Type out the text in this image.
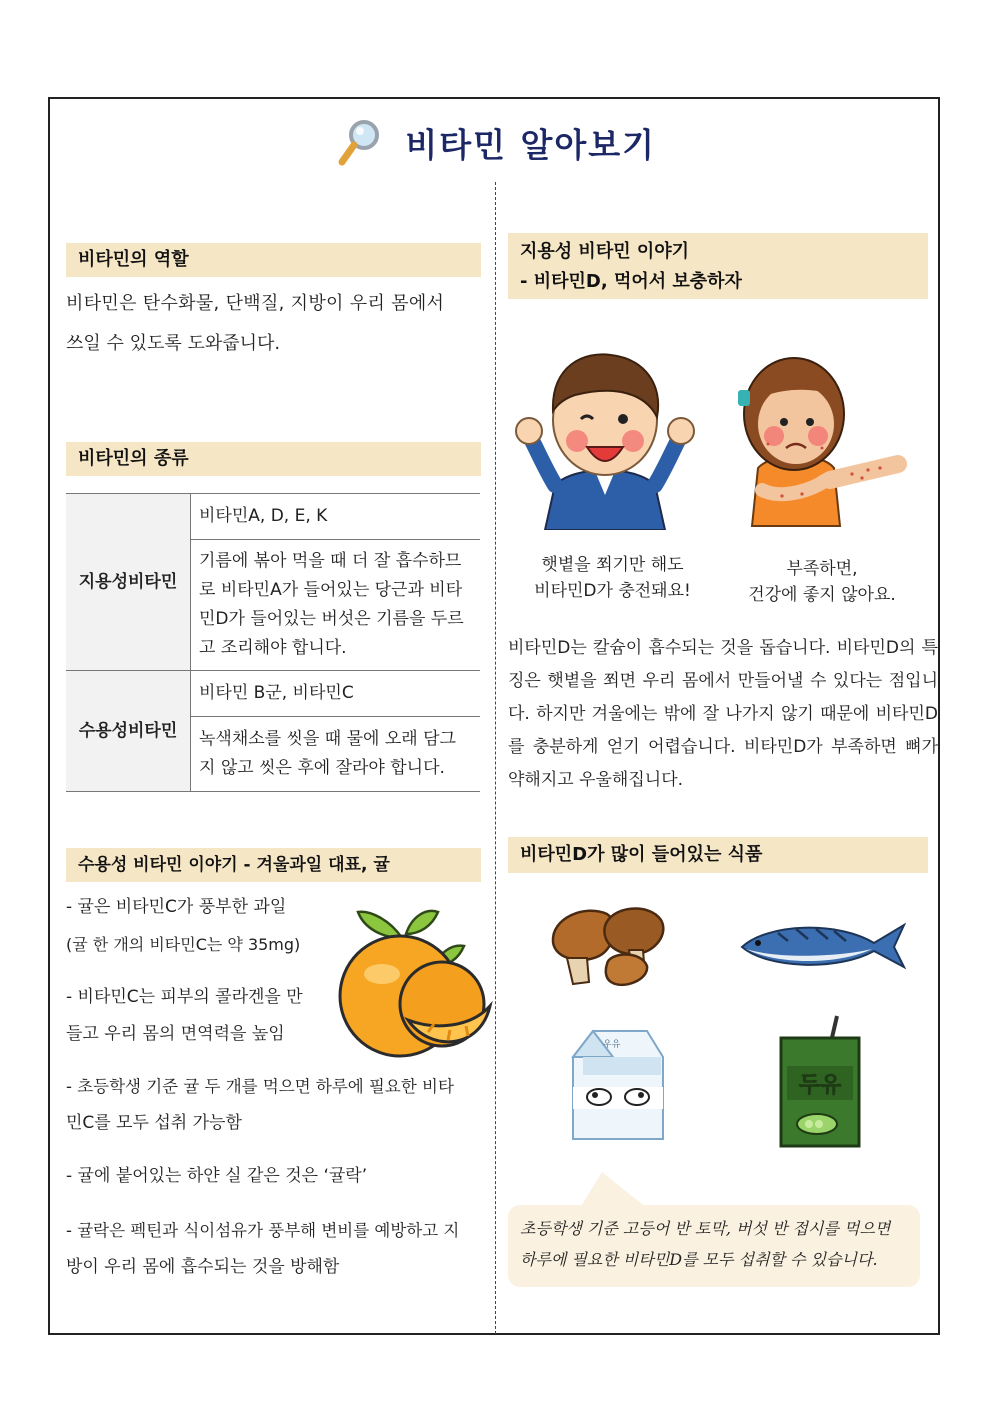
비타민 알아보기
비타민의 역할
비타민은 탄수화물, 단백질, 지방이 우리 몸에서
쓰일 수 있도록 도와줍니다.
비타민의 종류
지용성비타민	비타민A, D, E, K
	기름에 볶아 먹을 때 더 잘 흡수하므로 비타민A가 들어있는 당근과 비타민D가 들어있는 버섯은 기름을 두르고 조리해야 합니다.
수용성비타민	비타민 B군, 비타민C
	녹색채소를 씻을 때 물에 오래 담그지 않고 씻은 후에 잘라야 합니다.
수용성 비타민 이야기 - 겨울과일 대표, 귤
- 귤은 비타민C가 풍부한 과일
(귤 한 개의 비타민C는 약 35mg)
- 비타민C는 피부의 콜라겐을 만
들고 우리 몸의 면역력을 높임
- 초등학생 기준 귤 두 개를 먹으면 하루에 필요한 비타
민C를 모두 섭취 가능함
- 귤에 붙어있는 하얀 실 같은 것은 ‘귤락’
- 귤락은 펙틴과 식이섬유가 풍부해 변비를 예방하고 지
방이 우리 몸에 흡수되는 것을 방해함
지용성 비타민 이야기
- 비타민D, 먹어서 보충하자
햇볕을 쬐기만 해도
비타민D가 충전돼요!
부족하면,
건강에 좋지 않아요.
비타민D는 칼슘이 흡수되는 것을 돕습니다. 비타민D의 특징은 햇볕을 쬐면 우리 몸에서 만들어낼 수 있다는 점입니다. 하지만 겨울에는 밖에 잘 나가지 않기 때문에 비타민D를 충분하게 얻기 어렵습니다. 비타민D가 부족하면 뼈가 약해지고 우울해집니다.
비타민D가 많이 들어있는 식품
우유
두유
초등학생 기준 고등어 반 토막, 버섯 반 접시를 먹으면
하루에 필요한 비타민D를 모두 섭취할 수 있습니다.
